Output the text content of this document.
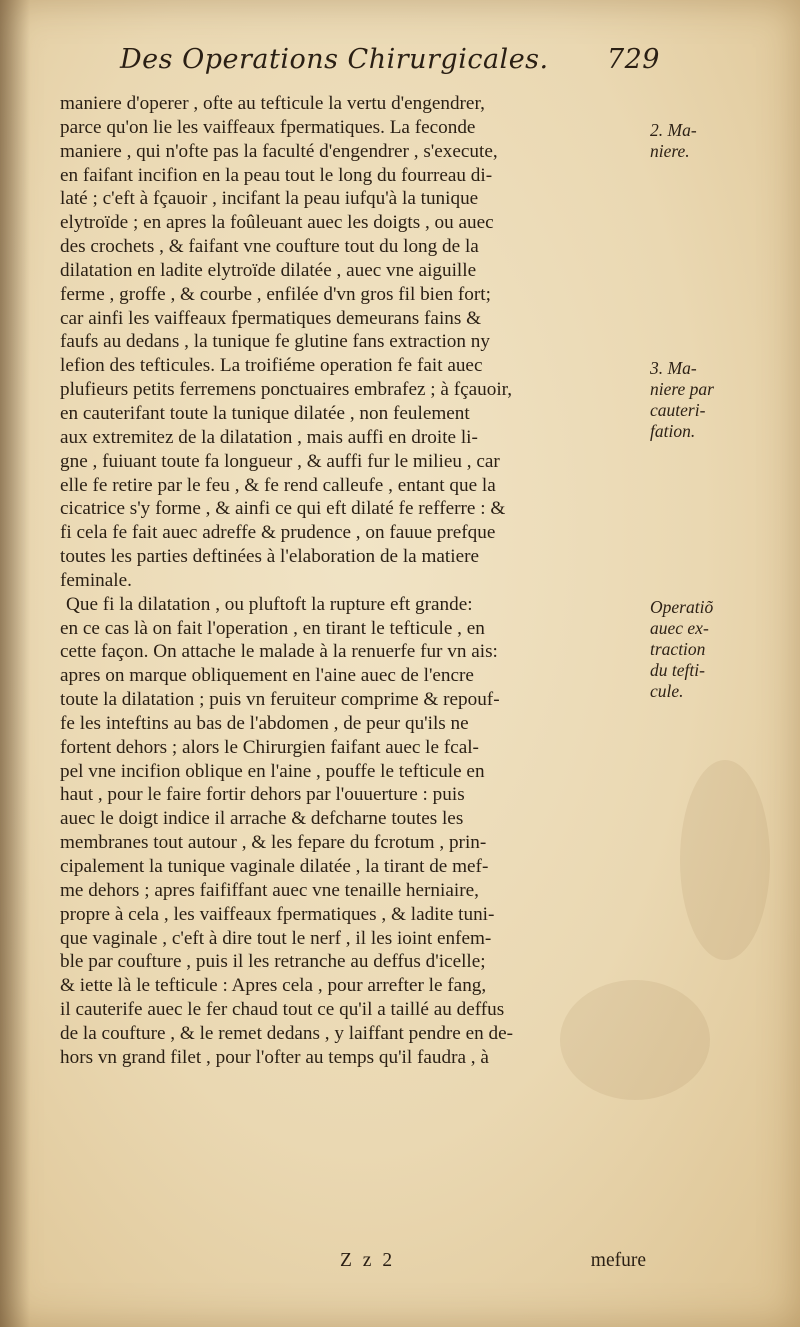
Des Operations Chirurgicales. 729
maniere d'operer , ofte au tefticule la vertu d'engendrer,
parce qu'on lie les vaiffeaux fpermatiques. La feconde
maniere , qui n'ofte pas la faculté d'engendrer , s'execute,
en faifant incifion en la peau tout le long du fourreau di-
laté ; c'eft à fçauoir , incifant la peau iufqu'à la tunique
elytroïde ; en apres la foûleuant auec les doigts , ou auec
des crochets , & faifant vne coufture tout du long de la
dilatation en ladite elytroïde dilatée , auec vne aiguille
ferme , groffe , & courbe , enfilée d'vn gros fil bien fort;
car ainfi les vaiffeaux fpermatiques demeurans fains &
faufs au dedans , la tunique fe glutine fans extraction ny
lefion des tefticules. La troifiéme operation fe fait auec
plufieurs petits ferremens ponctuaires embrafez ; à fçauoir,
en cauterifant toute la tunique dilatée , non feulement
aux extremitez de la dilatation , mais auffi en droite li-
gne , fuiuant toute fa longueur , & auffi fur le milieu , car
elle fe retire par le feu , & fe rend calleufe , entant que la
cicatrice s'y forme , & ainfi ce qui eft dilaté fe refferre : &
fi cela fe fait auec adreffe & prudence , on fauue prefque
toutes les parties deftinées à l'elaboration de la matiere
feminale.
Que fi la dilatation , ou pluftoft la rupture eft grande:
en ce cas là on fait l'operation , en tirant le tefticule , en
cette façon. On attache le malade à la renuerfe fur vn ais:
apres on marque obliquement en l'aine auec de l'encre
toute la dilatation ; puis vn feruiteur comprime & repouf-
fe les inteftins au bas de l'abdomen , de peur qu'ils ne
fortent dehors ; alors le Chirurgien faifant auec le fcal-
pel vne incifion oblique en l'aine , pouffe le tefticule en
haut , pour le faire fortir dehors par l'ouuerture : puis
auec le doigt indice il arrache & defcharne toutes les
membranes tout autour , & les fepare du fcrotum , prin-
cipalement la tunique vaginale dilatée , la tirant de mef-
me dehors ; apres faififfant auec vne tenaille herniaire,
propre à cela , les vaiffeaux fpermatiques , & ladite tuni-
que vaginale , c'eft à dire tout le nerf , il les ioint enfem-
ble par coufture , puis il les retranche au deffus d'icelle;
& iette là le tefticule : Apres cela , pour arrefter le fang,
il cauterife auec le fer chaud tout ce qu'il a taillé au deffus
de la coufture , & le remet dedans , y laiffant pendre en de-
hors vn grand filet , pour l'ofter au temps qu'il faudra , à
2. Ma-
niere.
3. Ma-
niere par
cauteri-
fation.
Operatiõ
auec ex-
traction
du tefti-
cule.
Z z 2	mefure
